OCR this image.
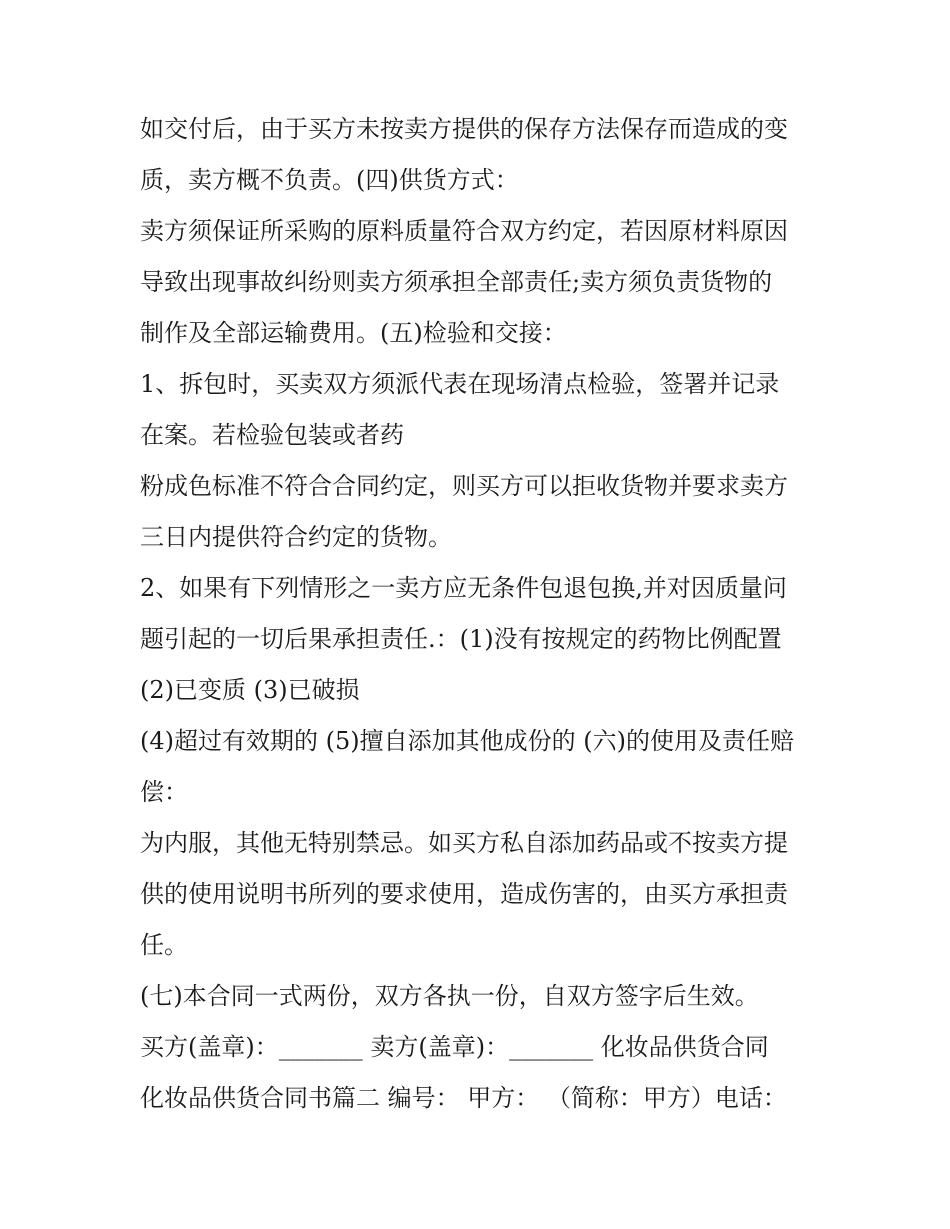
如交付后，由于买方未按卖方提供的保存方法保存而造成的变
质，卖方概不负责。(四)供货方式：
卖方须保证所采购的原料质量符合双方约定，若因原材料原因
导致出现事故纠纷则卖方须承担全部责任;卖方须负责货物的
制作及全部运输费用。(五)检验和交接：
1、拆包时，买卖双方须派代表在现场清点检验，签署并记录
在案。若检验包装或者药
粉成色标准不符合合同约定，则买方可以拒收货物并要求卖方
三日内提供符合约定的货物。
2、如果有下列情形之一卖方应无条件包退包换,并对因质量问
题引起的一切后果承担责任.：(1)没有按规定的药物比例配置
(2)已变质 (3)已破损
(4)超过有效期的 (5)擅自添加其他成份的 (六)的使用及责任赔
偿：
为内服，其他无特别禁忌。如买方私自添加药品或不按卖方提
供的使用说明书所列的要求使用，造成伤害的，由买方承担责
任。
(七)本合同一式两份，双方各执一份，自双方签字后生效。
买方(盖章)：_______ 卖方(盖章)：_______ 化妆品供货合同
化妆品供货合同书篇二 编号： 甲方： （简称：甲方）电话：
